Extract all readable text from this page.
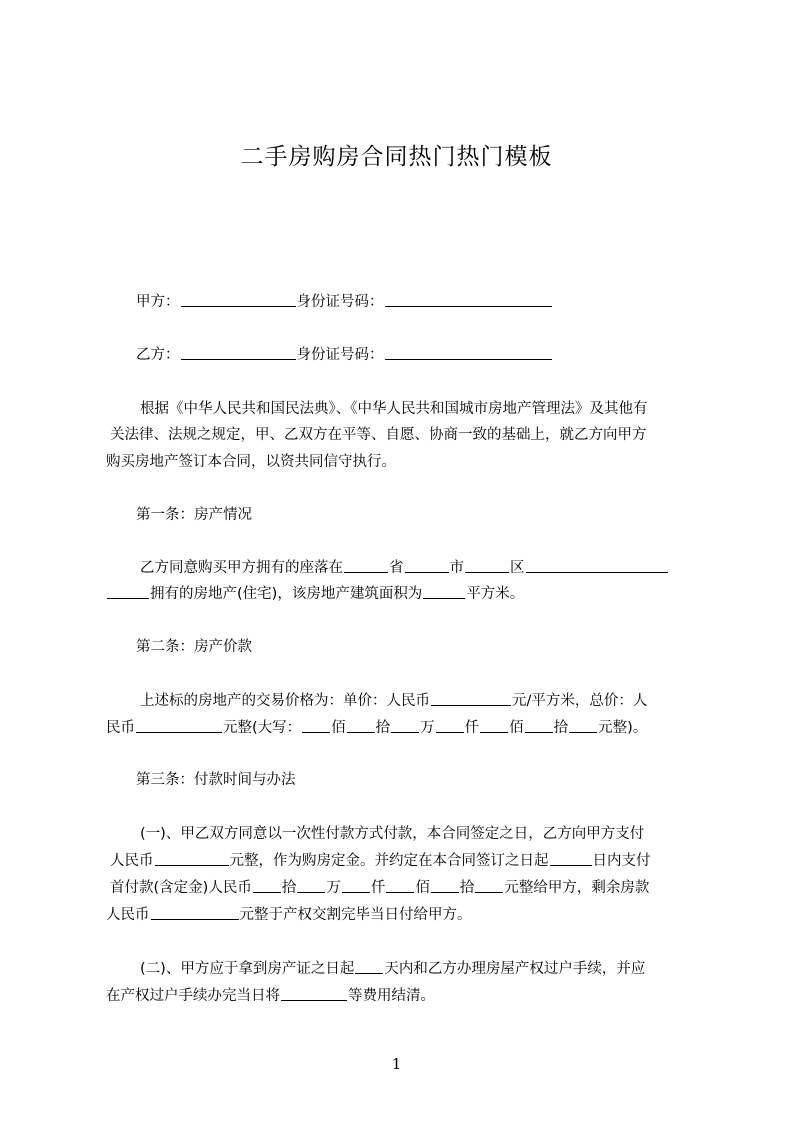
二手房购房合同热门热门模板
甲方：	身份证号码：
乙方：	身份证号码：
根据《中华人民共和国民法典》、《中华人民共和国城市房地产管理法》及其他有
关法律、法规之规定，甲、乙双方在平等、自愿、协商一致的基础上，就乙方向甲方
购买房地产签订本合同，以资共同信守执行。
第一条：房产情况
乙方同意购买甲方拥有的座落在	省	市	区
拥有的房地产(住宅)，该房地产建筑面积为	平方米。
第二条：房产价款
上述标的房地产的交易价格为：单价：人民币	元/平方米，总价：人
民币	元整(大写： 佰 拾 万 仟 佰 拾 元整)。
第三条：付款时间与办法
(一)、甲乙双方同意以一次性付款方式付款，本合同签定之日，乙方向甲方支付
人民币	元整，作为购房定金。并约定在本合同签订之日起	日内支付
首付款(含定金)人民币 拾 万 仟 佰 拾 元整给甲方，剩余房款
人民币	元整于产权交割完毕当日付给甲方。
(二)、甲方应于拿到房产证之日起 天内和乙方办理房屋产权过户手续，并应
在产权过户手续办完当日将	等费用结清。
1
